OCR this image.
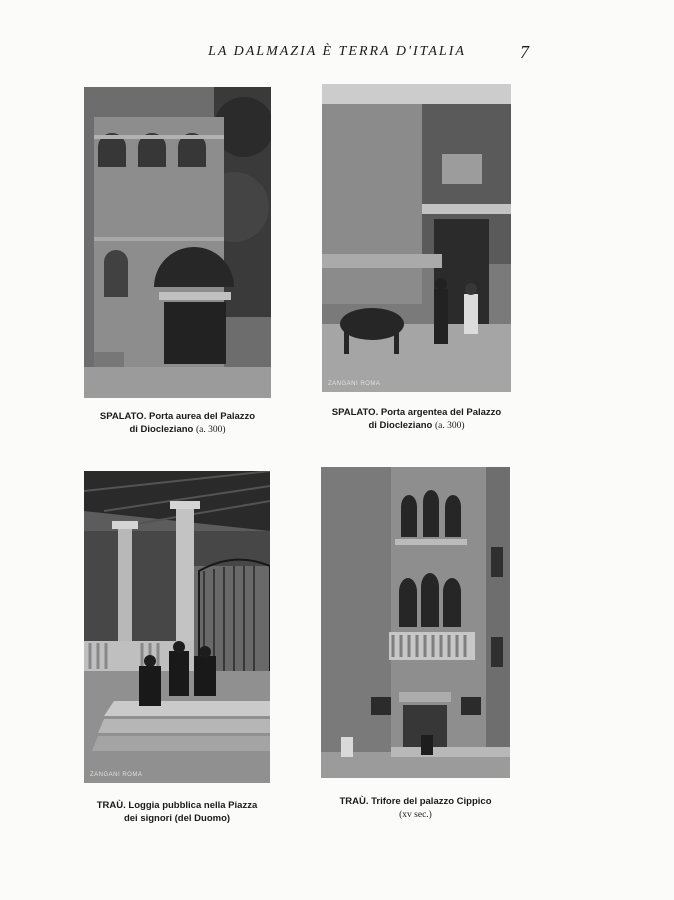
LA DALMAZIA È TERRA D'ITALIA	7
SPALATO. Porta aurea del Palazzo
di Diocleziano (a. 300)
ZANGANI ROMA
SPALATO. Porta argentea del Palazzo
di Diocleziano (a. 300)
ZANGANI ROMA
TRAÙ. Loggia pubblica nella Piazza
dei signori (del Duomo)
TRAÙ. Trifore del palazzo Cippico
(xv sec.)
